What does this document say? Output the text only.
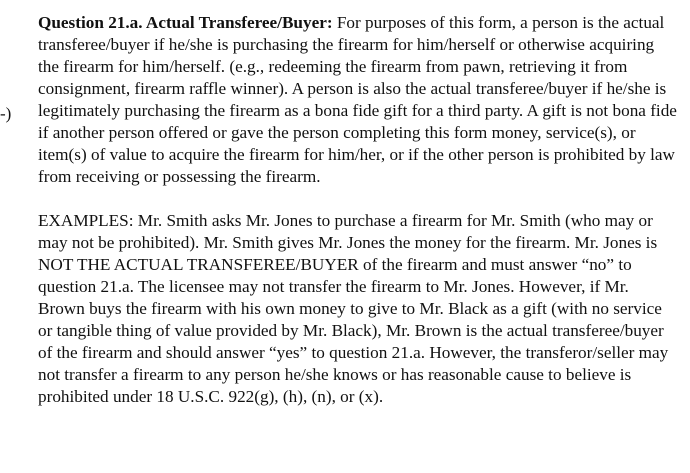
-)

Question 21.a. Actual Transferee/Buyer: For purposes of this form, a person is the actual transferee/buyer if he/she is purchasing the firearm for him/herself or otherwise acquiring the firearm for him/herself. (e.g., redeeming the firearm from pawn, retrieving it from consignment, firearm raffle winner). A person is also the actual transferee/buyer if he/she is legitimately purchasing the firearm as a bona fide gift for a third party. A gift is not bona fide if another person offered or gave the person completing this form money, service(s), or item(s) of value to acquire the firearm for him/her, or if the other person is prohibited by law from receiving or possessing the firearm.

EXAMPLES: Mr. Smith asks Mr. Jones to purchase a firearm for Mr. Smith (who may or may not be prohibited). Mr. Smith gives Mr. Jones the money for the firearm. Mr. Jones is NOT THE ACTUAL TRANSFEREE/BUYER of the firearm and must answer “no” to question 21.a. The licensee may not transfer the firearm to Mr. Jones. However, if Mr. Brown buys the firearm with his own money to give to Mr. Black as a gift (with no service or tangible thing of value provided by Mr. Black), Mr. Brown is the actual transferee/buyer of the firearm and should answer “yes” to question 21.a. However, the transferor/seller may not transfer a firearm to any person he/she knows or has reasonable cause to believe is prohibited under 18 U.S.C. 922(g), (h), (n), or (x).
